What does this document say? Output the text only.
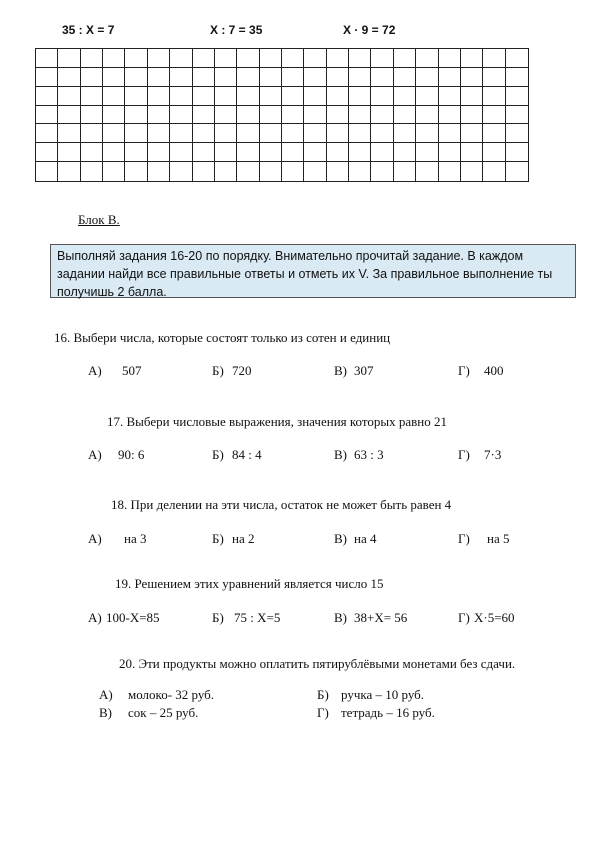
35 : X = 7	X : 7 = 35	X · 9 = 72
Блок В.
Выполняй задания 16-20 по порядку. Внимательно прочитай задание. В каждом
задании найди все правильные ответы и отметь их V. За правильное выполнение ты
получишь 2 балла.
16. Выбери числа, которые состоят только из сотен и единиц
А) 507	Б) 720	В) 307	Г) 400
17. Выбери числовые выражения, значения которых равно 21
А) 90: 6	Б) 84 : 4	В) 63 : 3	Г) 7·3
18. При делении на эти числа, остаток не может быть равен 4
А) на 3	Б) на 2	В) на 4	Г) на 5
19. Решением этих уравнений является число 15
А) 100-Х=85	Б) 75 : Х=5	В) 38+Х= 56	Г) Х·5=60
20. Эти продукты можно оплатить пятирублёвыми монетами без сдачи.
А) молоко- 32 руб.	Б) ручка – 10 руб.
В) сок – 25 руб.	Г) тетрадь – 16 руб.
